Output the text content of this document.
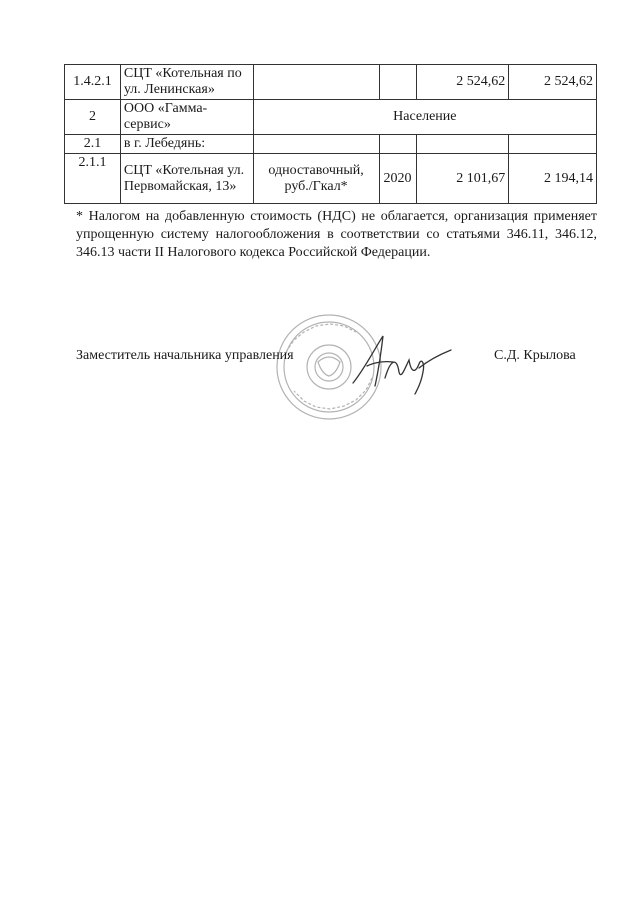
1.4.2.1	СЦТ «Котельная по ул. Ленинская»			2 524,62	2 524,62
2	ООО «Гамма-сервис»	Население			
2.1	в г. Лебедянь:				
2.1.1	СЦТ «Котельная ул. Первомайская, 13»	одноставочный, руб./Гкал*	2020	2 101,67	2 194,14

* Налогом на добавленную стоимость (НДС) не облагается, организация применяет упрощенную систему налогообложения в соответствии со статьями 346.11, 346.12, 346.13 части II Налогового кодекса Российской Федерации.

Заместитель начальника управления	С.Д. Крылова
